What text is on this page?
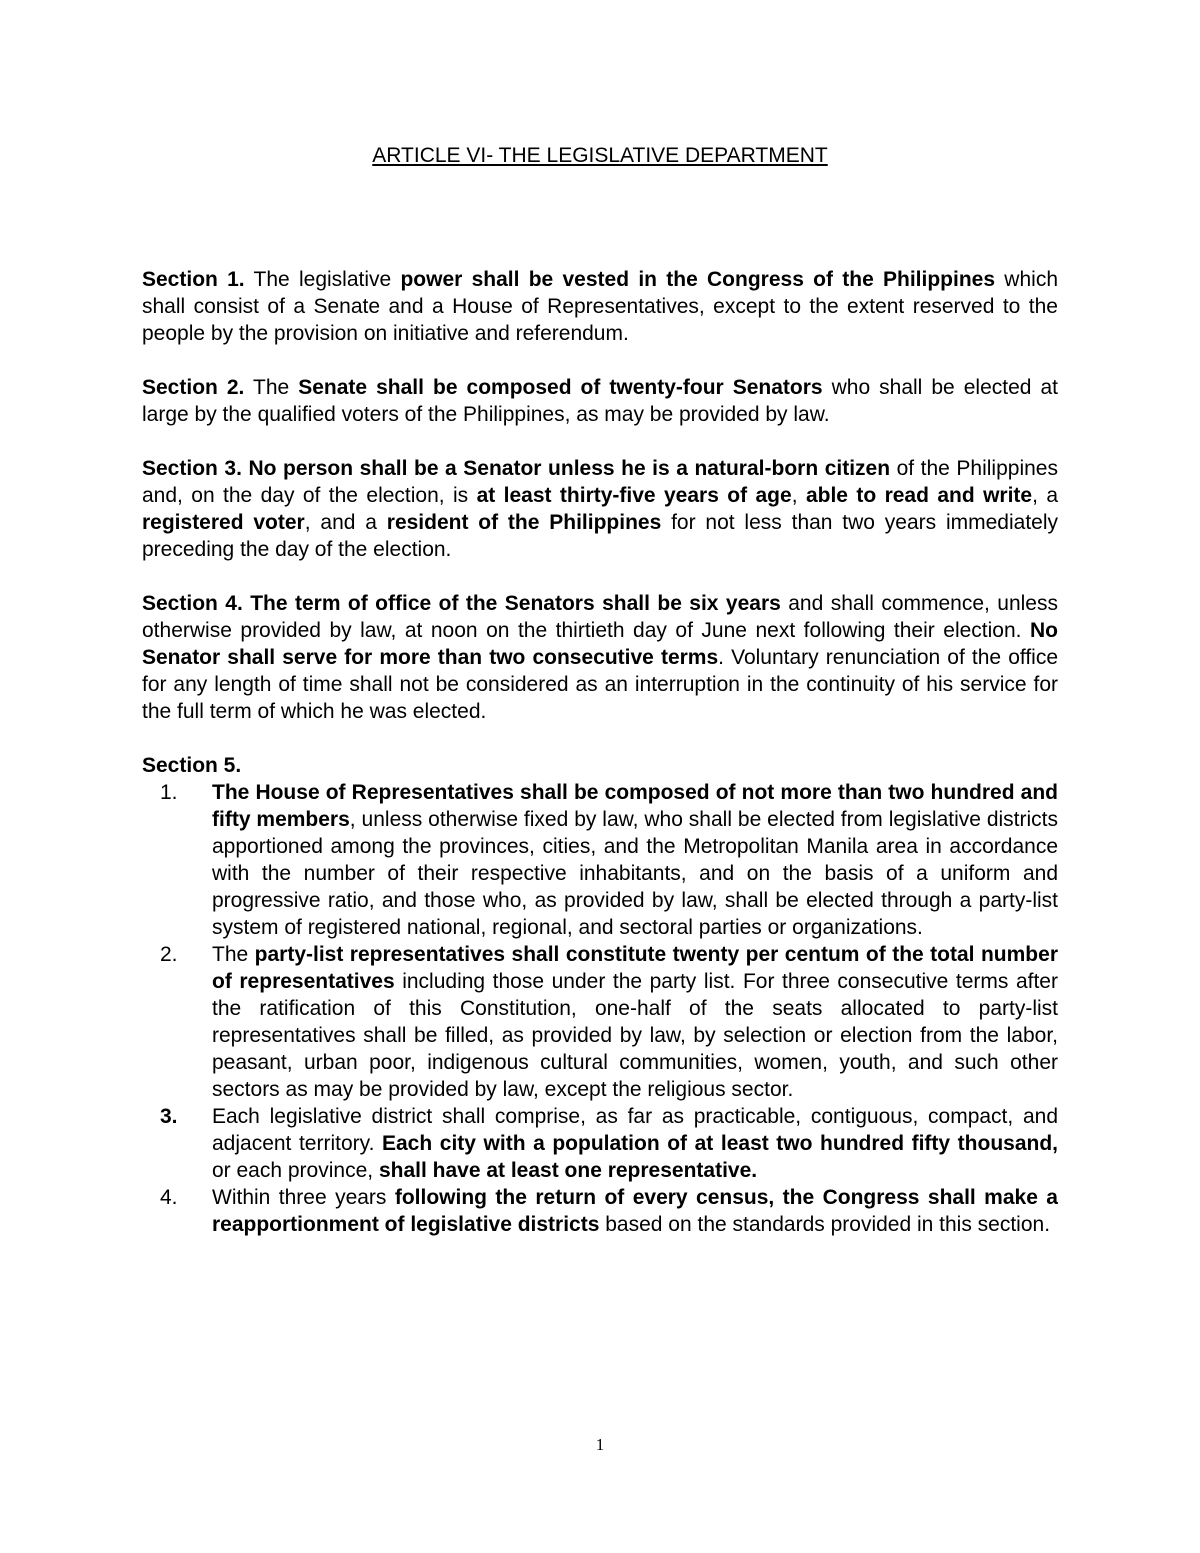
ARTICLE VI- THE LEGISLATIVE DEPARTMENT

Section 1. The legislative power shall be vested in the Congress of the Philippines which shall consist of a Senate and a House of Representatives, except to the extent reserved to the people by the provision on initiative and referendum.

Section 2. The Senate shall be composed of twenty-four Senators who shall be elected at large by the qualified voters of the Philippines, as may be provided by law.

Section 3. No person shall be a Senator unless he is a natural-born citizen of the Philippines and, on the day of the election, is at least thirty-five years of age, able to read and write, a registered voter, and a resident of the Philippines for not less than two years immediately preceding the day of the election.

Section 4. The term of office of the Senators shall be six years and shall commence, unless otherwise provided by law, at noon on the thirtieth day of June next following their election. No Senator shall serve for more than two consecutive terms. Voluntary renunciation of the office for any length of time shall not be considered as an interruption in the continuity of his service for the full term of which he was elected.

Section 5.

1.	The House of Representatives shall be composed of not more than two hundred and fifty members, unless otherwise fixed by law, who shall be elected from legislative districts apportioned among the provinces, cities, and the Metropolitan Manila area in accordance with the number of their respective inhabitants, and on the basis of a uniform and progressive ratio, and those who, as provided by law, shall be elected through a party-list system of registered national, regional, and sectoral parties or organizations.
2.	The party-list representatives shall constitute twenty per centum of the total number of representatives including those under the party list. For three consecutive terms after the ratification of this Constitution, one-half of the seats allocated to party-list representatives shall be filled, as provided by law, by selection or election from the labor, peasant, urban poor, indigenous cultural communities, women, youth, and such other sectors as may be provided by law, except the religious sector.
3.	Each legislative district shall comprise, as far as practicable, contiguous, compact, and adjacent territory. Each city with a population of at least two hundred fifty thousand, or each province, shall have at least one representative.
4.	Within three years following the return of every census, the Congress shall make a reapportionment of legislative districts based on the standards provided in this section.
1
